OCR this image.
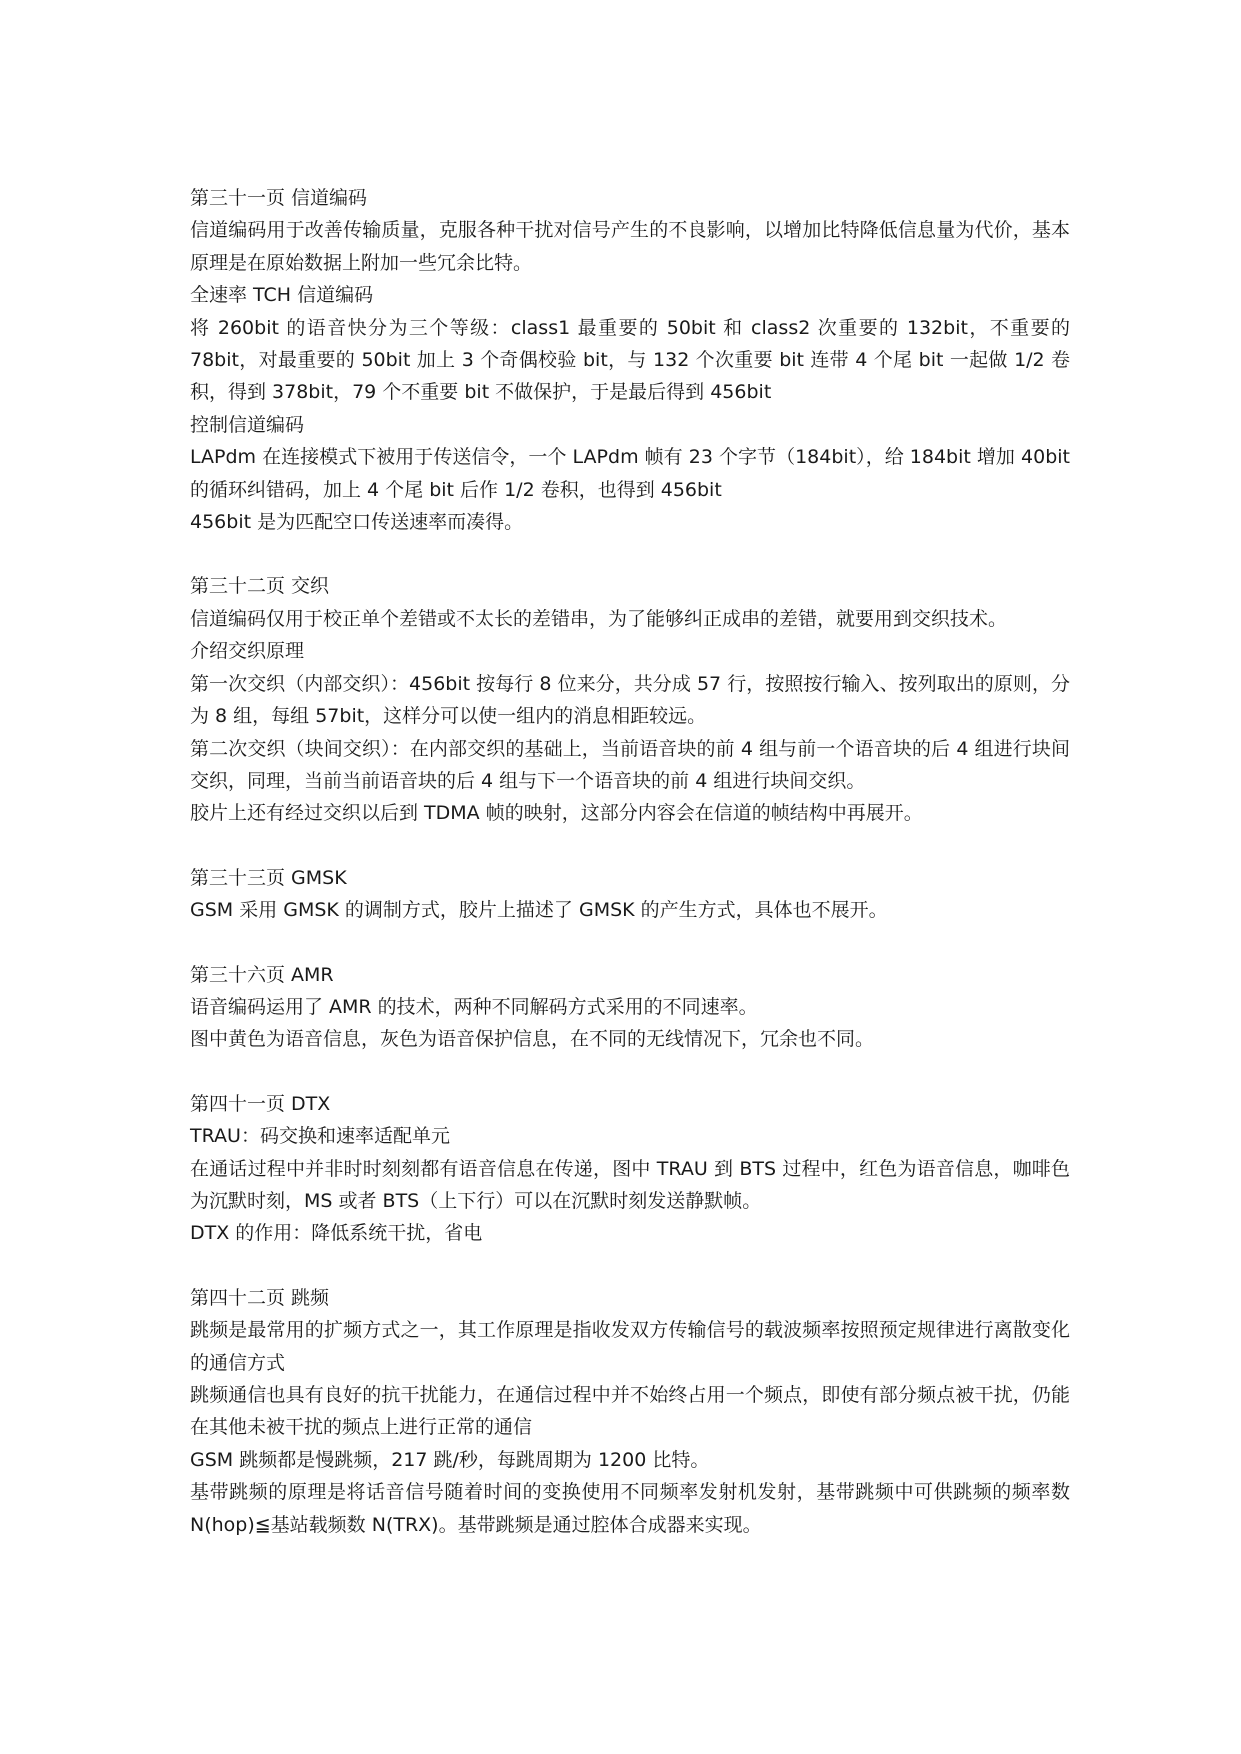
第三十一页 信道编码

信道编码用于改善传输质量，克服各种干扰对信号产生的不良影响，以增加比特降低信息量为代价，基本原理是在原始数据上附加一些冗余比特。

全速率 TCH 信道编码

将 260bit 的语音快分为三个等级：class1 最重要的 50bit 和 class2 次重要的 132bit，不重要的 78bit，对最重要的 50bit 加上 3 个奇偶校验 bit，与 132 个次重要 bit 连带 4 个尾 bit 一起做 1/2 卷积，得到 378bit，79 个不重要 bit 不做保护，于是最后得到 456bit

控制信道编码

LAPdm 在连接模式下被用于传送信令，一个 LAPdm 帧有 23 个字节（184bit），给 184bit 增加 40bit 的循环纠错码，加上 4 个尾 bit 后作 1/2 卷积，也得到 456bit

456bit 是为匹配空口传送速率而凑得。

第三十二页 交织

信道编码仅用于校正单个差错或不太长的差错串，为了能够纠正成串的差错，就要用到交织技术。

介绍交织原理

第一次交织（内部交织）：456bit 按每行 8 位来分，共分成 57 行，按照按行输入、按列取出的原则，分为 8 组，每组 57bit，这样分可以使一组内的消息相距较远。

第二次交织（块间交织）：在内部交织的基础上，当前语音块的前 4 组与前一个语音块的后 4 组进行块间交织，同理，当前当前语音块的后 4 组与下一个语音块的前 4 组进行块间交织。

胶片上还有经过交织以后到 TDMA 帧的映射，这部分内容会在信道的帧结构中再展开。

第三十三页 GMSK

GSM 采用 GMSK 的调制方式，胶片上描述了 GMSK 的产生方式，具体也不展开。

第三十六页 AMR

语音编码运用了 AMR 的技术，两种不同解码方式采用的不同速率。

图中黄色为语音信息，灰色为语音保护信息，在不同的无线情况下，冗余也不同。

第四十一页 DTX

TRAU：码交换和速率适配单元

在通话过程中并非时时刻刻都有语音信息在传递，图中 TRAU 到 BTS 过程中，红色为语音信息，咖啡色为沉默时刻，MS 或者 BTS（上下行）可以在沉默时刻发送静默帧。

DTX 的作用：降低系统干扰，省电

第四十二页 跳频

跳频是最常用的扩频方式之一，其工作原理是指收发双方传输信号的载波频率按照预定规律进行离散变化的通信方式

跳频通信也具有良好的抗干扰能力，在通信过程中并不始终占用一个频点，即使有部分频点被干扰，仍能在其他未被干扰的频点上进行正常的通信

GSM 跳频都是慢跳频，217 跳/秒，每跳周期为 1200 比特。

基带跳频的原理是将话音信号随着时间的变换使用不同频率发射机发射，基带跳频中可供跳频的频率数 N(hop)≦基站载频数 N(TRX)。基带跳频是通过腔体合成器来实现。
